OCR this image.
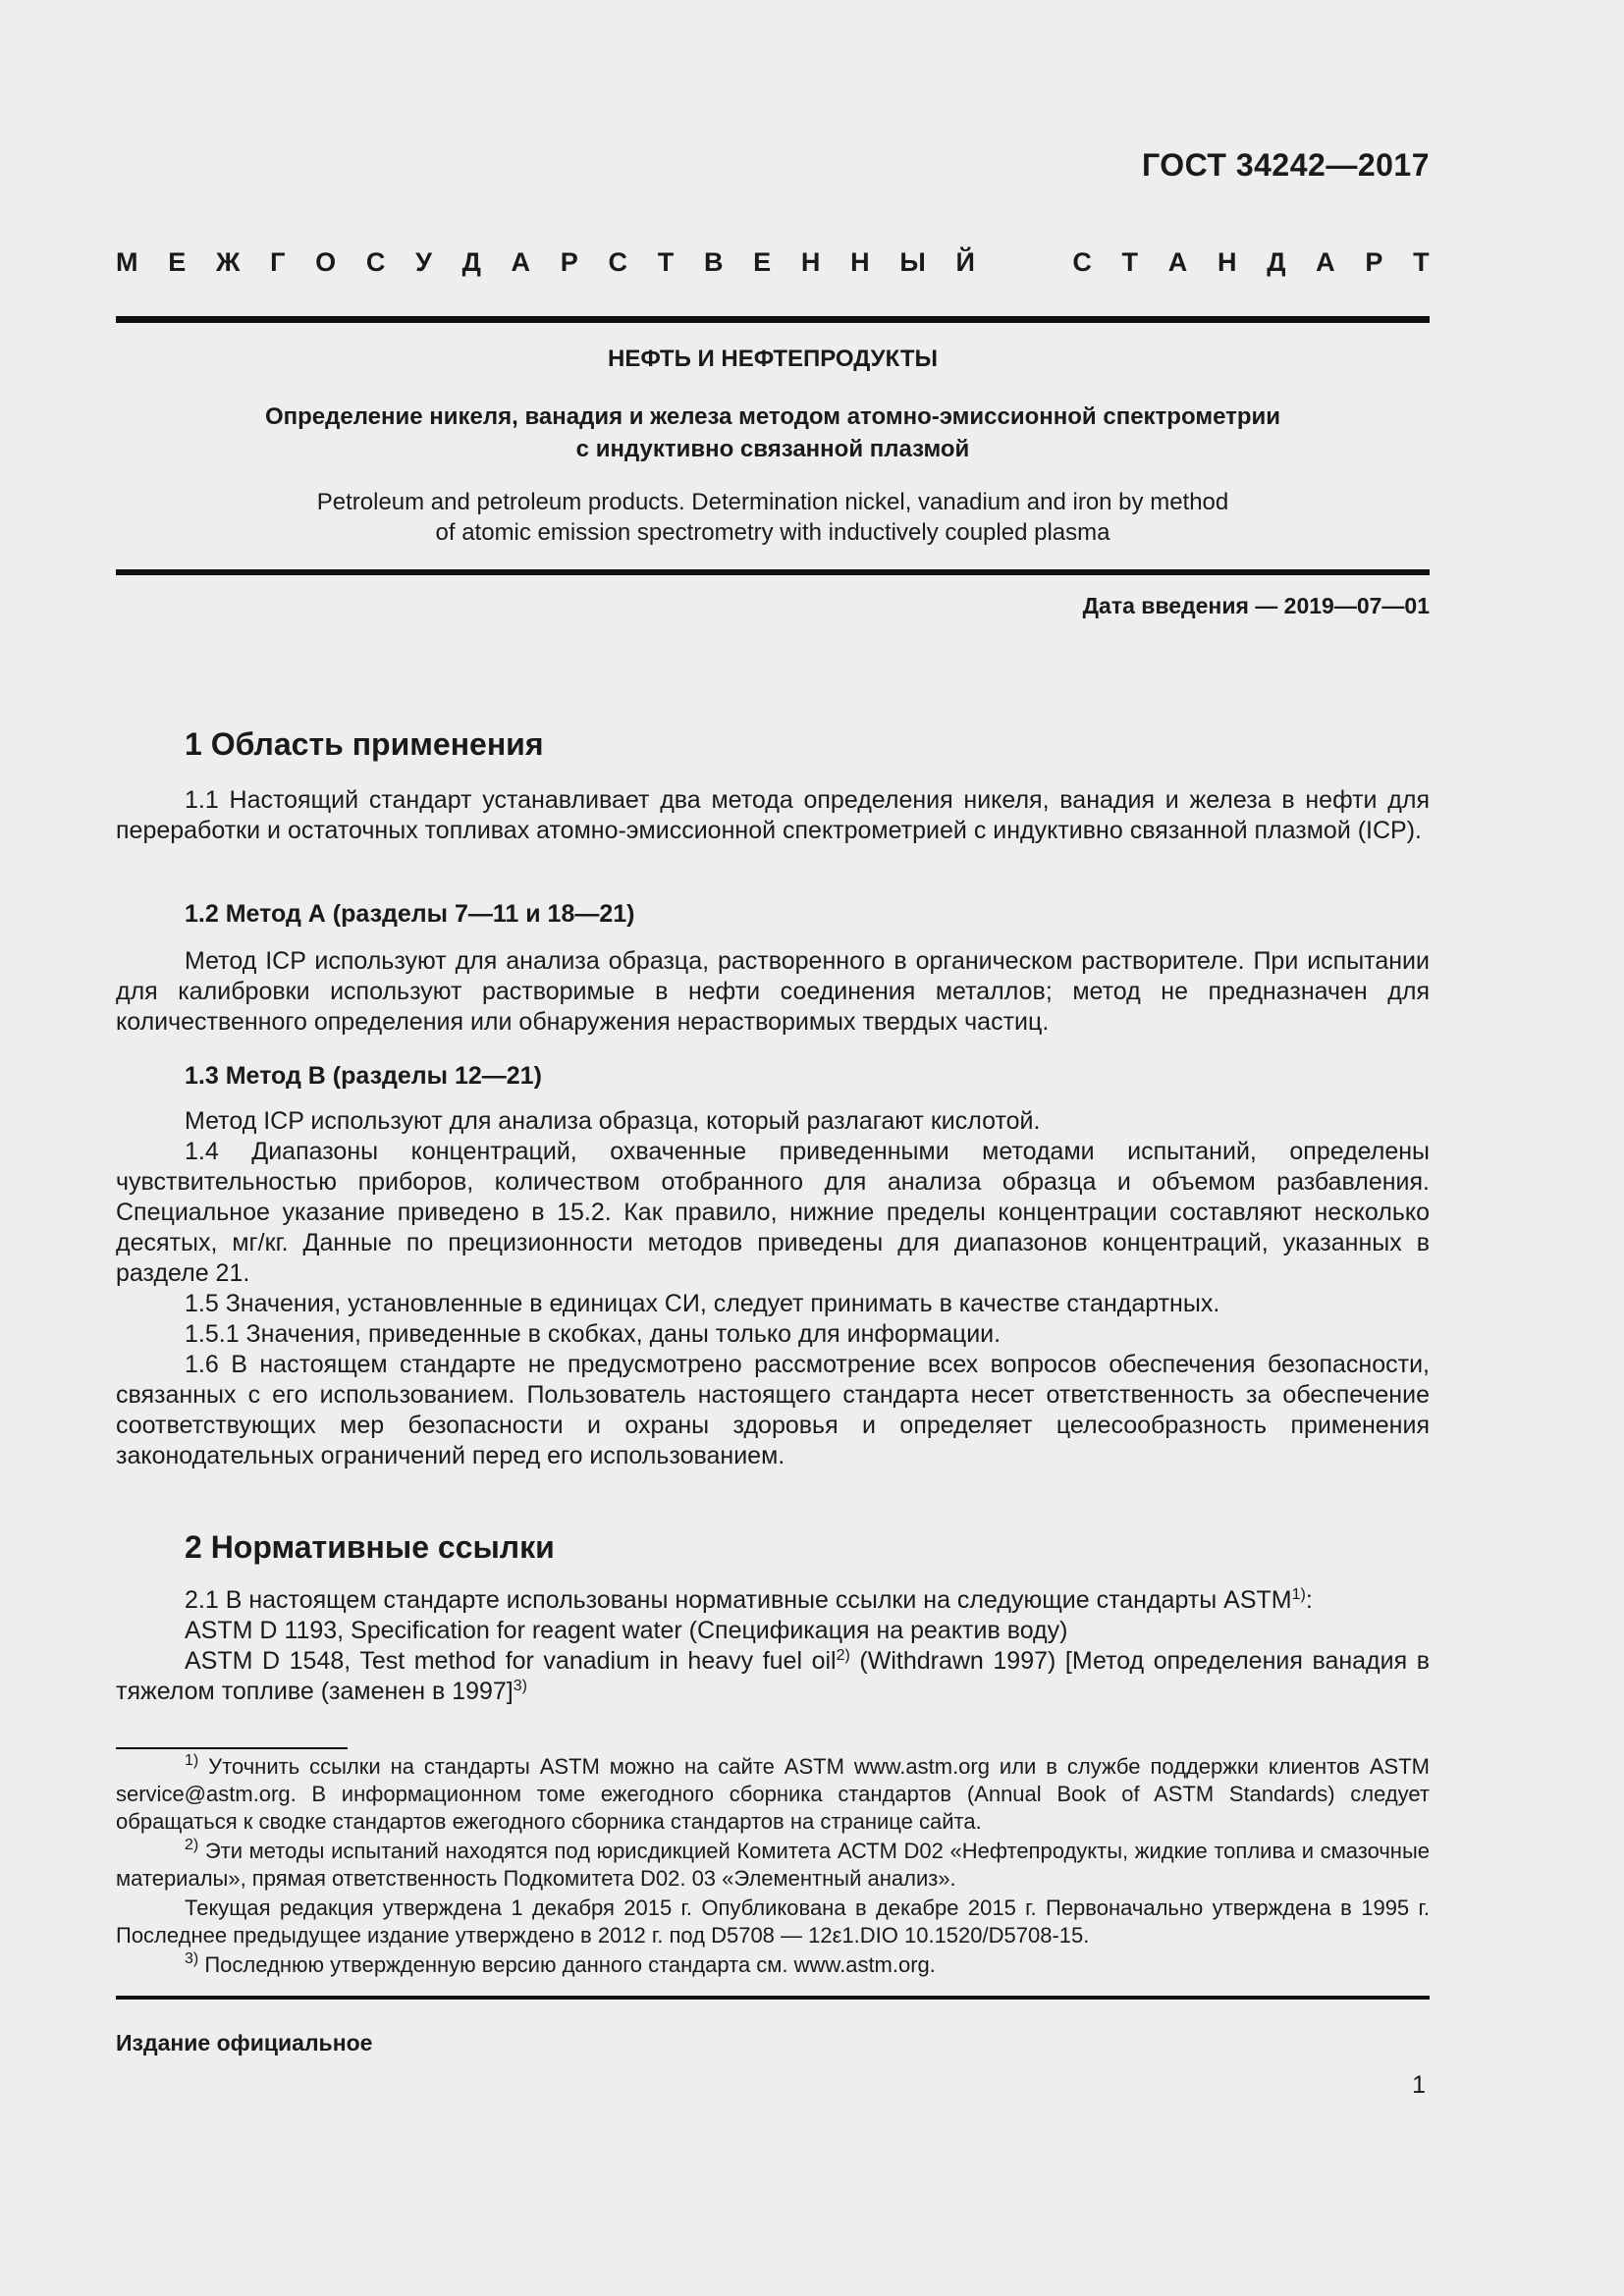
ГОСТ 34242—2017
М Е Ж Г О С У Д А Р С Т В Е Н Н Ы Й	С Т А Н Д А Р Т
НЕФТЬ И НЕФТЕПРОДУКТЫ
Определение никеля, ванадия и железа методом атомно-эмиссионной спектрометрии
с индуктивно связанной плазмой
Petroleum and petroleum products. Determination nickel, vanadium and iron by method
of atomic emission spectrometry with inductively coupled plasma
Дата введения — 2019—07—01
1 Область применения

1.1 Настоящий стандарт устанавливает два метода определения никеля, ванадия и железа в нефти для переработки и остаточных топливах атомно-эмиссионной спектрометрией с индуктивно связанной плазмой (ICP).

1.2 Метод А (разделы 7—11 и 18—21)

Метод ICP используют для анализа образца, растворенного в органическом растворителе. При испытании для калибровки используют растворимые в нефти соединения металлов; метод не предназначен для количественного определения или обнаружения нерастворимых твердых частиц.

1.3 Метод В (разделы 12—21)

Метод ICP используют для анализа образца, который разлагают кислотой.

1.4 Диапазоны концентраций, охваченные приведенными методами испытаний, определены чувствительностью приборов, количеством отобранного для анализа образца и объемом разбавления. Специальное указание приведено в 15.2. Как правило, нижние пределы концентрации составляют несколько десятых, мг/кг. Данные по прецизионности методов приведены для диапазонов концентраций, указанных в разделе 21.

1.5 Значения, установленные в единицах СИ, следует принимать в качестве стандартных.

1.5.1 Значения, приведенные в скобках, даны только для информации.

1.6 В настоящем стандарте не предусмотрено рассмотрение всех вопросов обеспечения безопасности, связанных с его использованием. Пользователь настоящего стандарта несет ответственность за обеспечение соответствующих мер безопасности и охраны здоровья и определяет целесообразность применения законодательных ограничений перед его использованием.

2 Нормативные ссылки

2.1 В настоящем стандарте использованы нормативные ссылки на следующие стандарты ASTM$^{1)}$:

ASTM D 1193, Specification for reagent water (Спецификация на реактив воду)

ASTM D 1548, Test method for vanadium in heavy fuel oil$^{2)}$ (Withdrawn 1997) [Метод определения ванадия в тяжелом топливе (заменен в 1997]$^{3)}$

$^{1)}$ Уточнить ссылки на стандарты ASTM можно на сайте ASTM www.astm.org или в службе поддержки клиентов ASTM service@astm.org. В информационном томе ежегодного сборника стандартов (Annual Book of ASTM Standards) следует обращаться к сводке стандартов ежегодного сборника стандартов на странице сайта.

$^{2)}$ Эти методы испытаний находятся под юрисдикцией Комитета АСТМ D02 «Нефтепродукты, жидкие топлива и смазочные материалы», прямая ответственность Подкомитета D02. 03 «Элементный анализ».

Текущая редакция утверждена 1 декабря 2015 г. Опубликована в декабре 2015 г. Первоначально утверждена в 1995 г. Последнее предыдущее издание утверждено в 2012 г. под D5708 — 12ε1.DIO 10.1520/D5708-15.

$^{3)}$ Последнюю утвержденную версию данного стандарта см. www.astm.org.

Издание официальное
1
